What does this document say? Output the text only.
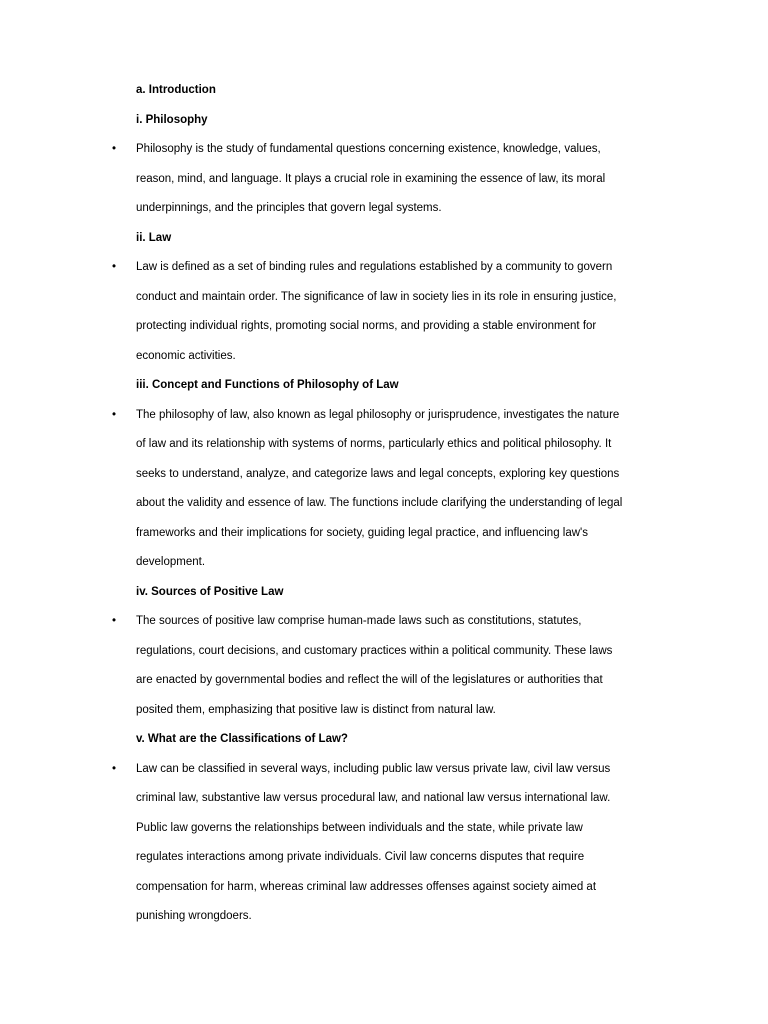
a. Introduction

i. Philosophy

• Philosophy is the study of fundamental questions concerning existence, knowledge, values,
reason, mind, and language. It plays a crucial role in examining the essence of law, its moral
underpinnings, and the principles that govern legal systems.

ii. Law

• Law is defined as a set of binding rules and regulations established by a community to govern
conduct and maintain order. The significance of law in society lies in its role in ensuring justice,
protecting individual rights, promoting social norms, and providing a stable environment for
economic activities.

iii. Concept and Functions of Philosophy of Law

• The philosophy of law, also known as legal philosophy or jurisprudence, investigates the nature
of law and its relationship with systems of norms, particularly ethics and political philosophy. It
seeks to understand, analyze, and categorize laws and legal concepts, exploring key questions
about the validity and essence of law. The functions include clarifying the understanding of legal
frameworks and their implications for society, guiding legal practice, and influencing law's
development.

iv. Sources of Positive Law

• The sources of positive law comprise human-made laws such as constitutions, statutes,
regulations, court decisions, and customary practices within a political community. These laws
are enacted by governmental bodies and reflect the will of the legislatures or authorities that
posited them, emphasizing that positive law is distinct from natural law.

v. What are the Classifications of Law?

• Law can be classified in several ways, including public law versus private law, civil law versus
criminal law, substantive law versus procedural law, and national law versus international law.
Public law governs the relationships between individuals and the state, while private law
regulates interactions among private individuals. Civil law concerns disputes that require
compensation for harm, whereas criminal law addresses offenses against society aimed at
punishing wrongdoers.
